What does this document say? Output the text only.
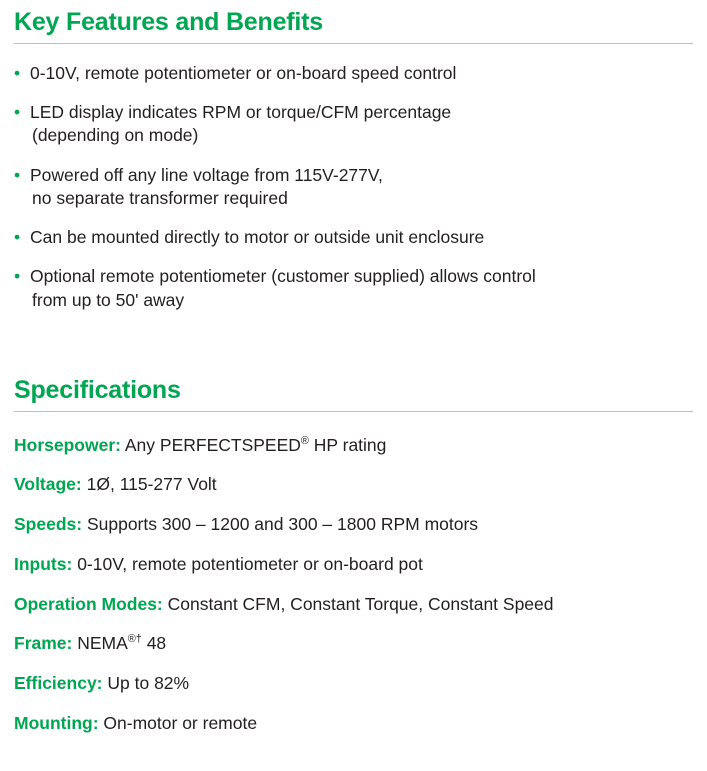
Key Features and Benefits
• 0-10V, remote potentiometer or on-board speed control
• LED display indicates RPM or torque/CFM percentage
(depending on mode)
• Powered off any line voltage from 115V-277V,
no separate transformer required
• Can be mounted directly to motor or outside unit enclosure
• Optional remote potentiometer (customer supplied) allows control
from up to 50' away
Specifications
Horsepower: Any PERFECTSPEED® HP rating
Voltage: 1Ø, 115-277 Volt
Speeds: Supports 300 – 1200 and 300 – 1800 RPM motors
Inputs: 0-10V, remote potentiometer or on-board pot
Operation Modes: Constant CFM, Constant Torque, Constant Speed
Frame: NEMA®† 48
Efficiency: Up to 82%
Mounting: On-motor or remote
